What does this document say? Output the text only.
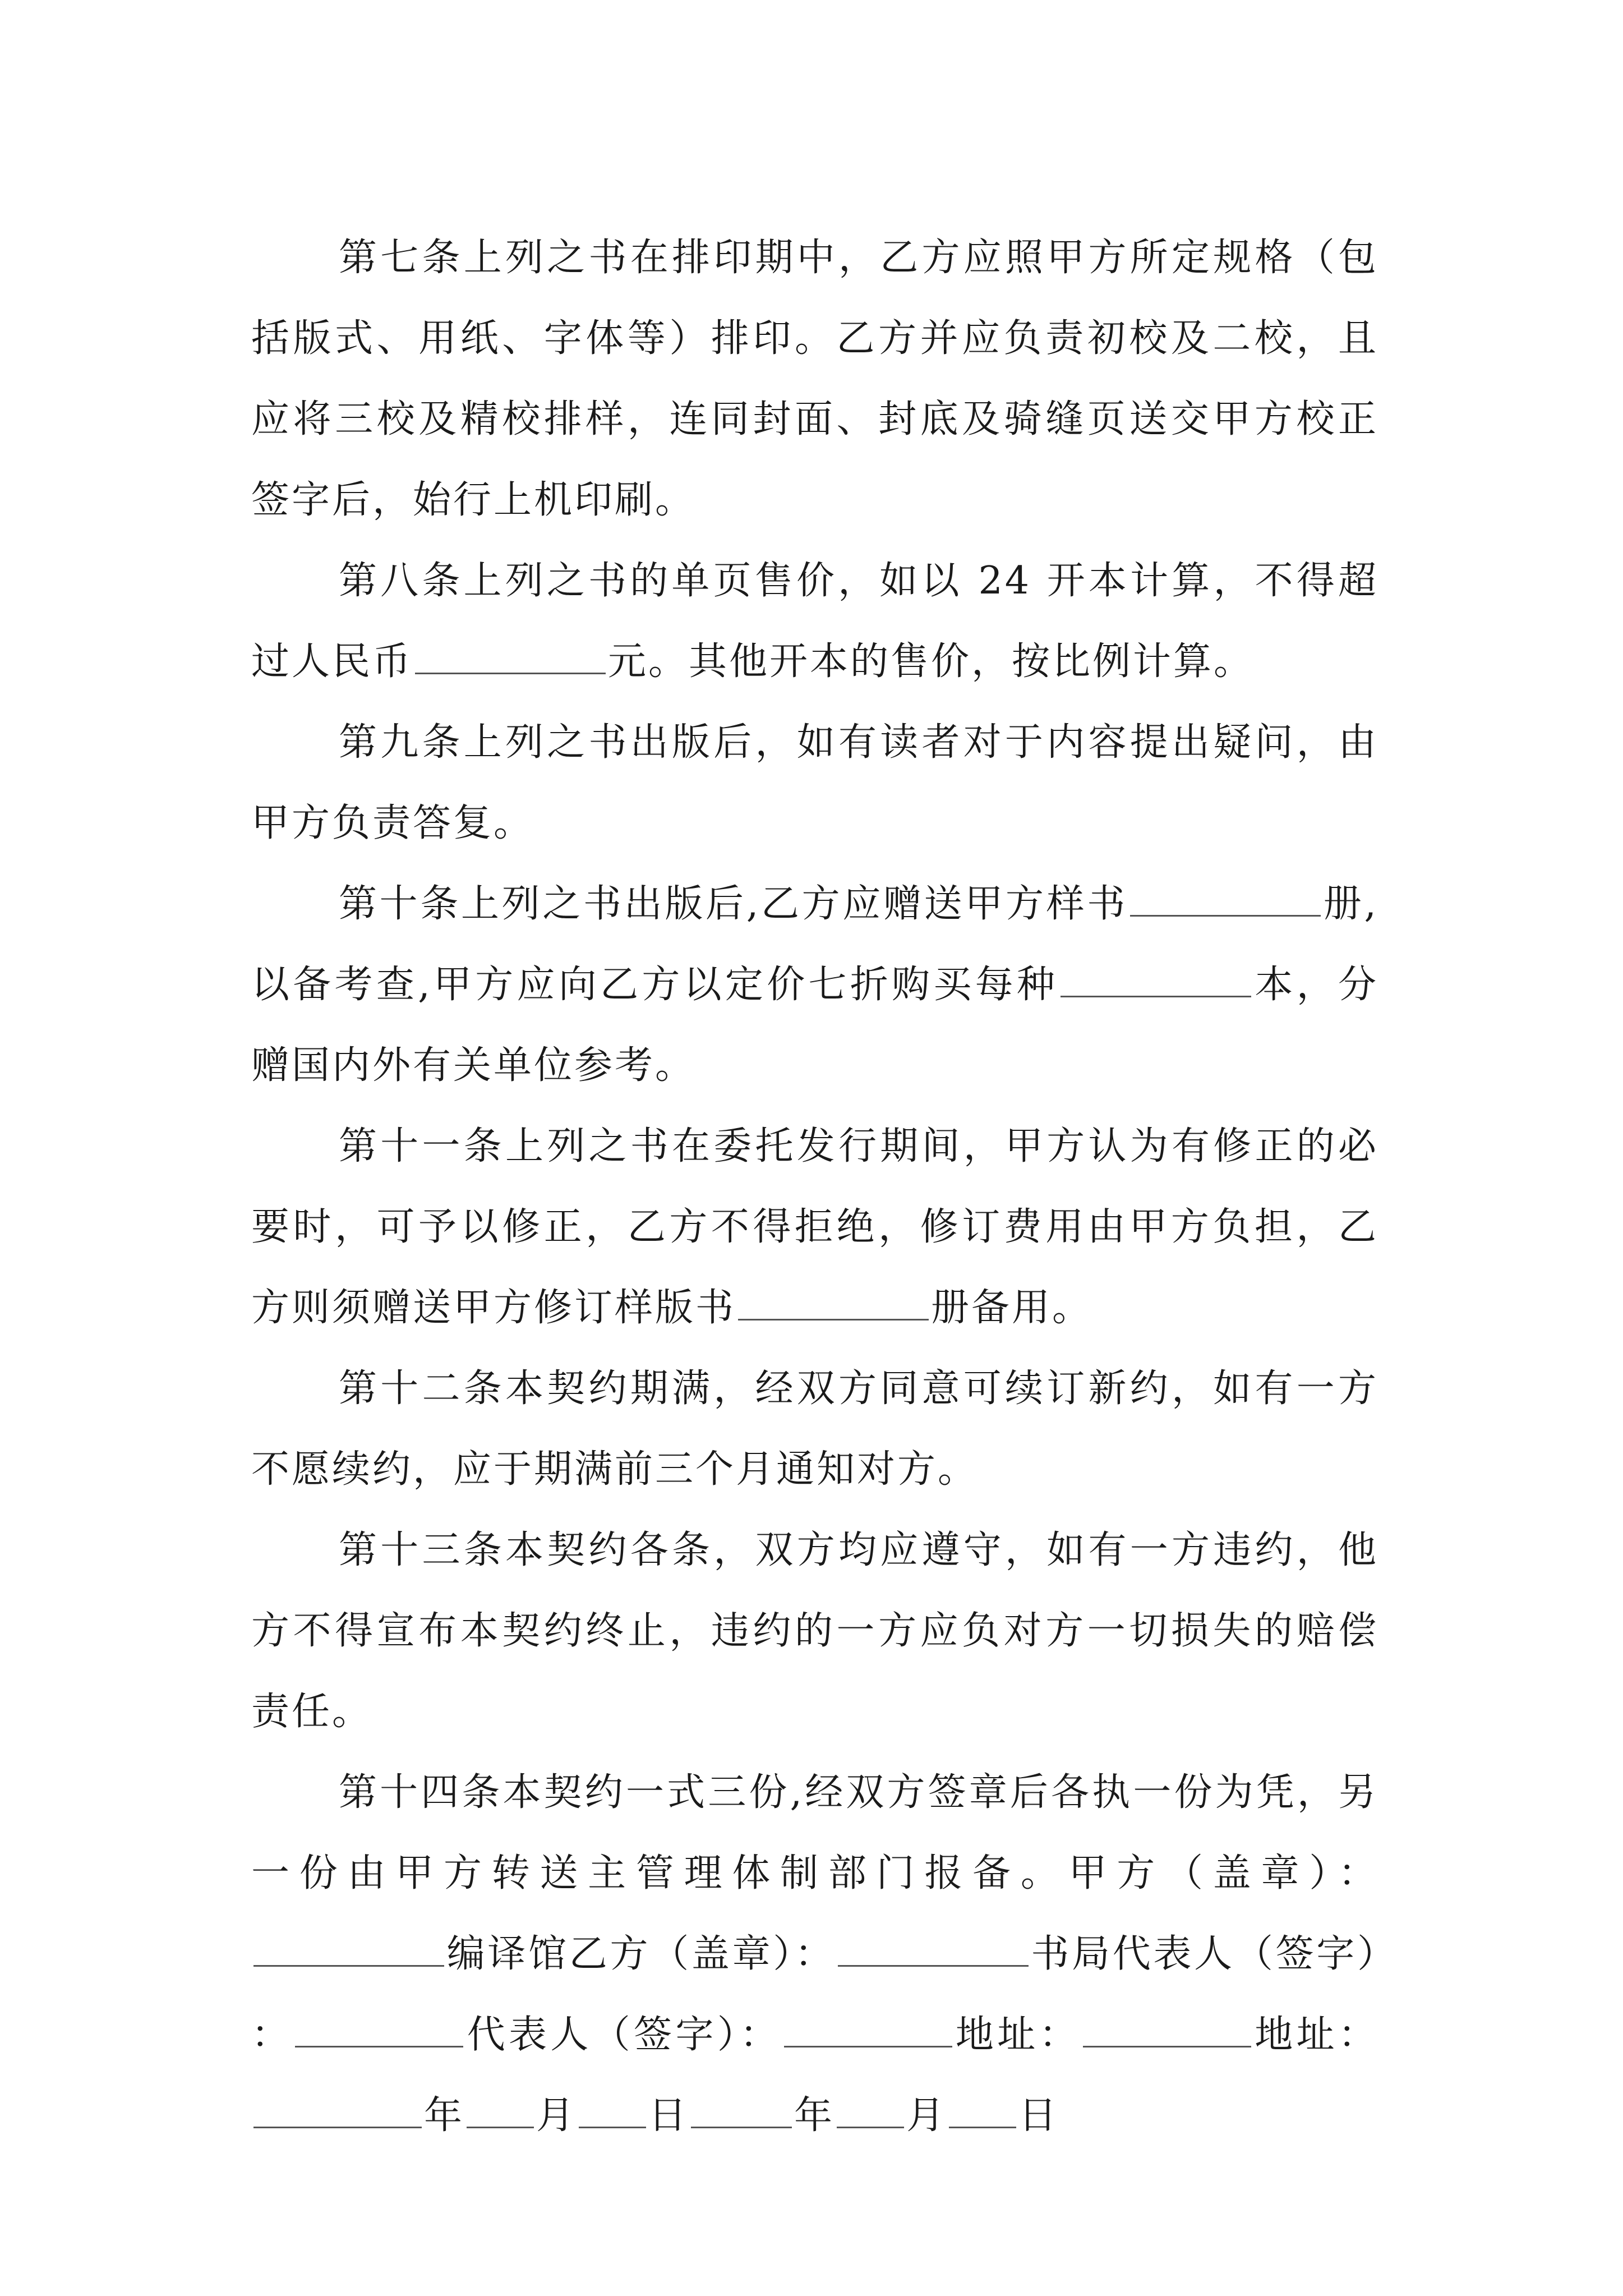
第七条上列之书在排印期中，乙方应照甲方所定规格（包括版式、用纸、字体等）排印。乙方并应负责初校及二校，且应将三校及精校排样，连同封面、封底及骑缝页送交甲方校正签字后，始行上机印刷。

第八条上列之书的单页售价，如以 24 开本计算，不得超过人民币	元。其他开本的售价，按比例计算。

第九条上列之书出版后，如有读者对于内容提出疑问，由甲方负责答复。

第十条上列之书出版后,乙方应赠送甲方样书	册,以备考查,甲方应向乙方以定价七折购买每种	本，分赠国内外有关单位参考。

第十一条上列之书在委托发行期间，甲方认为有修正的必要时，可予以修正，乙方不得拒绝，修订费用由甲方负担，乙方则须赠送甲方修订样版书	册备用。

第十二条本契约期满，经双方同意可续订新约，如有一方不愿续约，应于期满前三个月通知对方。

第十三条本契约各条，双方均应遵守，如有一方违约，他方不得宣布本契约终止，违约的一方应负对方一切损失的赔偿责任。

第十四条本契约一式三份,经双方签章后各执一份为凭，另一份由甲方转送主管理体制部门报备。甲方（盖章）：编译馆乙方（盖章）：	书局代表人（签字）：	代表人（签字）：	地址：	地址：年 月 日	年 月 日
